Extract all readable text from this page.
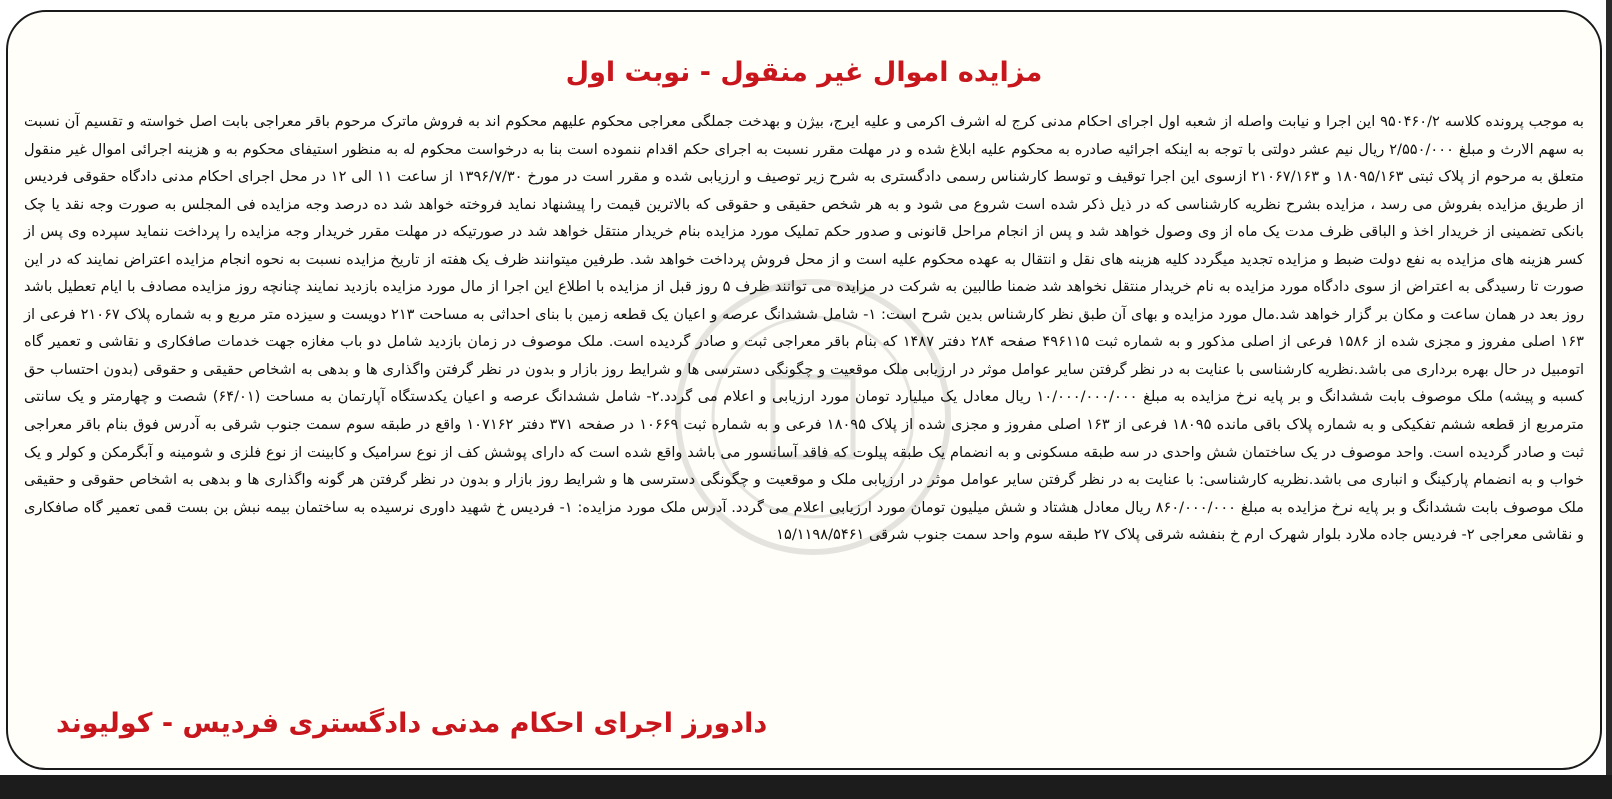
مزایده اموال غیر منقول - نوبت اول
به موجب پرونده کلاسه ۹۵۰۴۶۰/۲ این اجرا و نیابت واصله از شعبه اول اجرای احکام مدنی کرج له اشرف اکرمی و علیه ایرج، بیژن و بهدخت جملگی معراجی محکوم علیهم محکوم اند به فروش ماترک مرحوم باقر معراجی بابت اصل خواسته و تقسیم آن نسبت به سهم الارث و مبلغ ۲/۵۵۰/۰۰۰ ریال نیم عشر دولتی با توجه به اینکه اجرائیه صادره به محکوم علیه ابلاغ شده و در مهلت مقرر نسبت به اجرای حکم اقدام ننموده است بنا به درخواست محکوم له به منظور استیفای محکوم به و هزینه اجرائی اموال غیر منقول متعلق به مرحوم از پلاک ثبتی ۱۸۰۹۵/۱۶۳ و ۲۱۰۶۷/۱۶۳ ازسوی این اجرا توقیف و توسط کارشناس رسمی دادگستری به شرح زیر توصیف و ارزیابی شده و مقرر است در مورخ ۱۳۹۶/۷/۳۰ از ساعت ۱۱ الی ۱۲ در محل اجرای احکام مدنی دادگاه حقوقی فردیس از طریق مزایده بفروش می رسد ، مزایده بشرح نظریه کارشناسی که در ذیل ذکر شده است شروع می شود و به هر شخص حقیقی و حقوقی که بالاترین قیمت را پیشنهاد نماید فروخته خواهد شد ده درصد وجه مزایده فی المجلس به صورت وجه نقد یا چک بانکی تضمینی از خریدار اخذ و الباقی ظرف مدت یک ماه از وی وصول خواهد شد و پس از انجام مراحل قانونی و صدور حکم تملیک مورد مزایده بنام خریدار منتقل خواهد شد در صورتیکه در مهلت مقرر خریدار وجه مزایده را پرداخت ننماید سپرده وی پس از کسر هزینه های مزایده به نفع دولت ضبط و مزایده تجدید میگردد کلیه هزینه های نقل و انتقال به عهده محکوم علیه است و از محل فروش پرداخت خواهد شد. طرفین میتوانند ظرف یک هفته از تاریخ مزایده نسبت به نحوه انجام مزایده اعتراض نمایند که در این صورت تا رسیدگی به اعتراض از سوی دادگاه مورد مزایده به نام خریدار منتقل نخواهد شد ضمنا طالبین به شرکت در مزایده می توانند ظرف ۵ روز قبل از مزایده با اطلاع این اجرا از مال مورد مزایده بازدید نمایند چنانچه روز مزایده مصادف با ایام تعطیل باشد روز بعد در همان ساعت و مکان بر گزار خواهد شد.مال مورد مزایده و بهای آن طبق نظر کارشناس بدین شرح است: ۱- شامل ششدانگ عرصه و اعیان یک قطعه زمین با بنای احداثی به مساحت ۲۱۳ دویست و سیزده متر مربع و به شماره پلاک ۲۱۰۶۷ فرعی از ۱۶۳ اصلی مفروز و مجزی شده از ۱۵۸۶ فرعی از اصلی مذکور و به شماره ثبت ۴۹۶۱۱۵ صفحه ۲۸۴ دفتر ۱۴۸۷ که بنام باقر معراجی ثبت و صادر گردیده است. ملک موصوف در زمان بازدید شامل دو باب مغازه جهت خدمات صافکاری و نقاشی و تعمیر گاه اتومبیل در حال بهره برداری می باشد.نظریه کارشناسی با عنایت به در نظر گرفتن سایر عوامل موثر در ارزیابی ملک موقعیت و چگونگی دسترسی ها و شرایط روز بازار و بدون در نظر گرفتن واگذاری ها و بدهی به اشخاص حقیقی و حقوقی (بدون احتساب حق کسبه و پیشه) ملک موصوف بابت ششدانگ و بر پایه نرخ مزایده به مبلغ ۱۰/۰۰۰/۰۰۰/۰۰۰ ریال معادل یک میلیارد تومان مورد ارزیابی و اعلام می گردد.۲- شامل ششدانگ عرصه و اعیان یکدستگاه آپارتمان به مساحت (۶۴/۰۱) شصت و چهارمتر و یک سانتی مترمربع از قطعه ششم تفکیکی و به شماره پلاک باقی مانده ۱۸۰۹۵ فرعی از ۱۶۳ اصلی مفروز و مجزی شده از پلاک ۱۸۰۹۵ فرعی و به شماره ثبت ۱۰۶۶۹ در صفحه ۳۷۱ دفتر ۱۰۷۱۶۲ واقع در طبقه سوم سمت جنوب شرقی به آدرس فوق بنام باقر معراجی ثبت و صادر گردیده است. واحد موصوف در یک ساختمان شش واحدی در سه طبقه مسکونی و به انضمام یک طبقه پیلوت که فاقد آسانسور می باشد واقع شده است که دارای پوشش کف از نوع سرامیک و کابینت از نوع فلزی و شومینه و آبگرمکن و کولر و یک خواب و به انضمام پارکینگ و انباری می باشد.نظریه کارشناسی: با عنایت به در نظر گرفتن سایر عوامل موثر در ارزیابی ملک و موقعیت و چگونگی دسترسی ها و شرایط روز بازار و بدون در نظر گرفتن هر گونه واگذاری ها و بدهی به اشخاص حقوقی و حقیقی ملک موصوف بابت ششدانگ و بر پایه نرخ مزایده به مبلغ ۸۶۰/۰۰۰/۰۰۰ ریال معادل هشتاد و شش میلیون تومان مورد ارزیابی اعلام می گردد. آدرس ملک مورد مزایده: ۱- فردیس خ شهید داوری نرسیده به ساختمان بیمه نبش بن بست قمی تعمیر گاه صافکاری و نقاشی معراجی ۲- فردیس جاده ملارد بلوار شهرک ارم خ بنفشه شرقی پلاک ۲۷ طبقه سوم واحد سمت جنوب شرقی ۱۵/۱۱۹۸/۵۴۶۱
دادورز اجرای احکام مدنی دادگستری فردیس - کولیوند
